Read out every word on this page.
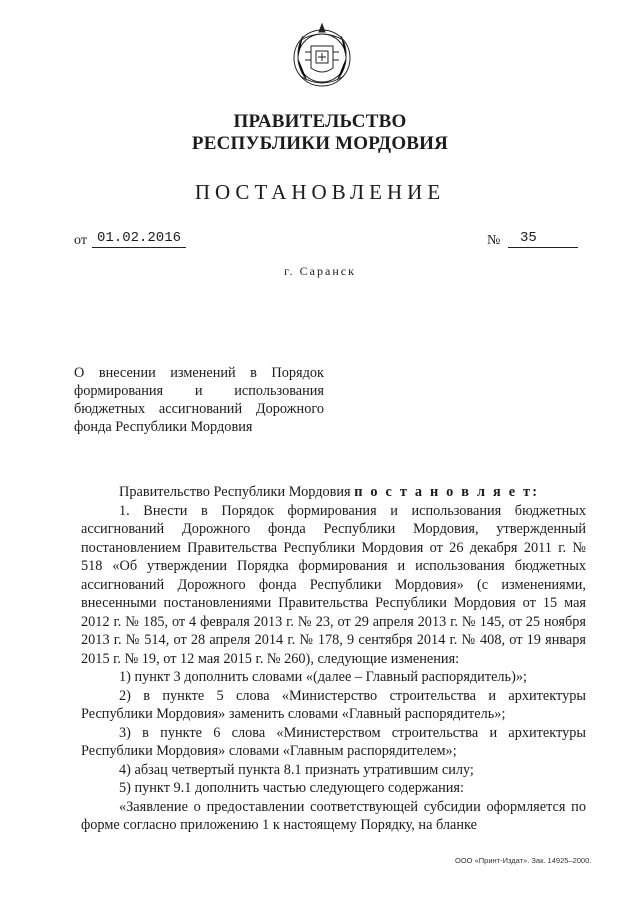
ПРАВИТЕЛЬСТВО
РЕСПУБЛИКИ МОРДОВИЯ
ПОСТАНОВЛЕНИЕ
от 01.02.2016	№	35
г. Саранск
О внесении изменений в Порядок
формирования и использования
бюджетных ассигнований Дорожного
фонда Республики Мордовия

Правительство Республики Мордовия п о с т а н о в л я е т:

1. Внести в Порядок формирования и использования бюджетных ассигнований Дорожного фонда Республики Мордовия, утвержденный постановлением Правительства Республики Мордовия от 26 декабря 2011 г. № 518 «Об утверждении Порядка формирования и использования бюджетных ассигнований Дорожного фонда Республики Мордовия» (с изменениями, внесенными постановлениями Правительства Республики Мордовия от 15 мая 2012 г. № 185, от 4 февраля 2013 г. № 23, от 29 апреля 2013 г. № 145, от 25 ноября 2013 г. № 514, от 28 апреля 2014 г. № 178, 9 сентября 2014 г. № 408, от 19 января 2015 г. № 19, от 12 мая 2015 г. № 260), следующие изменения:

1) пункт 3 дополнить словами «(далее – Главный распорядитель)»;

2) в пункте 5 слова «Министерство строительства и архитектуры Республики Мордовия» заменить словами «Главный распорядитель»;

3) в пункте 6 слова «Министерством строительства и архитектуры Республики Мордовия» словами «Главным распорядителем»;

4) абзац четвертый пункта 8.1 признать утратившим силу;

5) пункт 9.1 дополнить частью следующего содержания:

«Заявление о предоставлении соответствующей субсидии оформляется по форме согласно приложению 1 к настоящему Порядку, на бланке

ООО «Принт-Издат». Зак. 14925–2000.
